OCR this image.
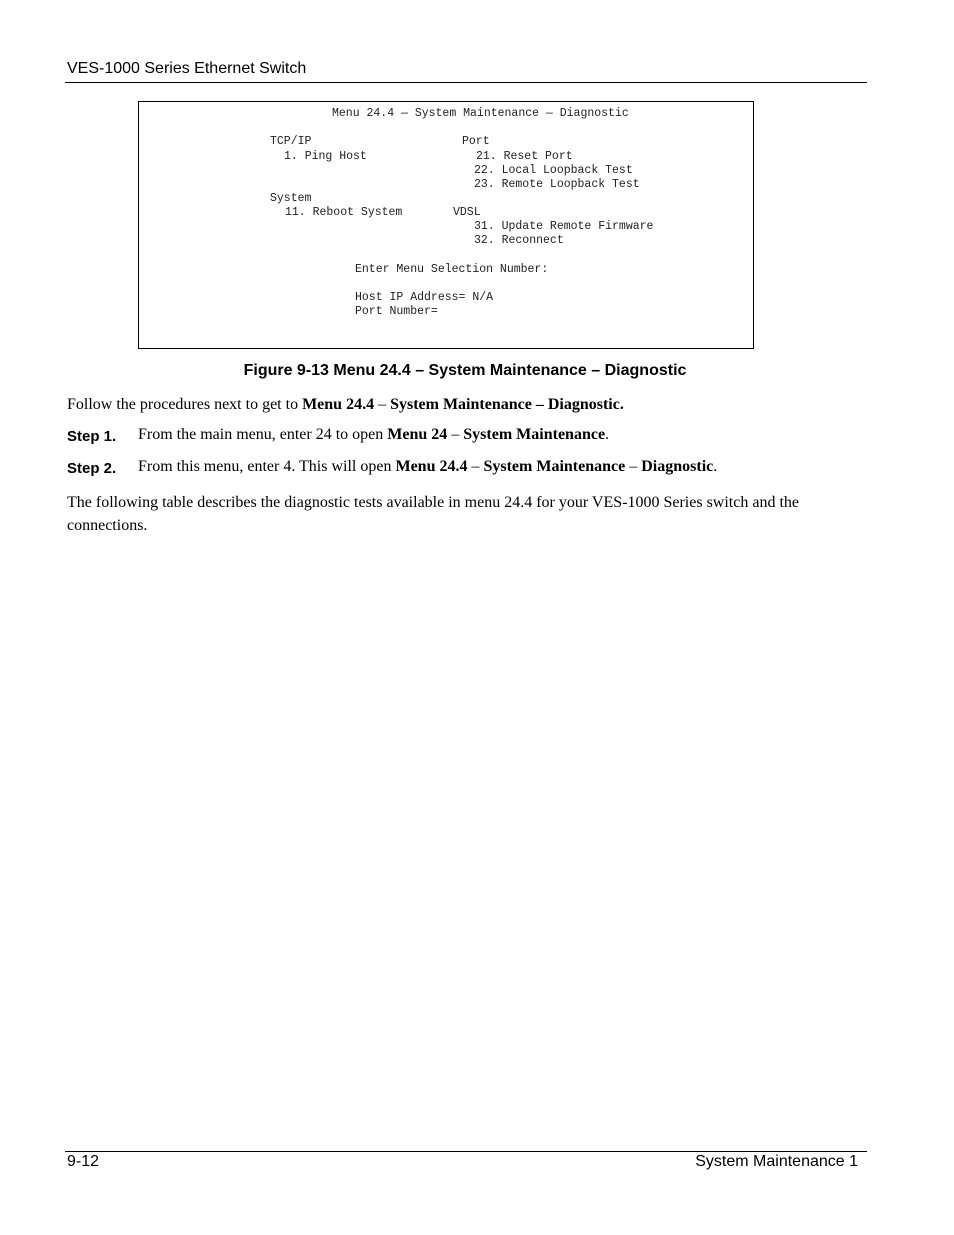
VES-1000 Series Ethernet Switch
Menu 24.4 — System Maintenance — Diagnostic
TCP/IP	Port
1. Ping Host	21. Reset Port
22. Local Loopback Test
23. Remote Loopback Test
System
11. Reboot System	VDSL
31. Update Remote Firmware
32. Reconnect
Enter Menu Selection Number:
Host IP Address= N/A
Port Number=
Figure 9-13 Menu 24.4 – System Maintenance – Diagnostic
Follow the procedures next to get to Menu 24.4 – System Maintenance – Diagnostic.
Step 1. From the main menu, enter 24 to open Menu 24 – System Maintenance.
Step 2. From this menu, enter 4. This will open Menu 24.4 – System Maintenance – Diagnostic.
The following table describes the diagnostic tests available in menu 24.4 for your VES-1000 Series switch and the connections.
9-12	System Maintenance 1
